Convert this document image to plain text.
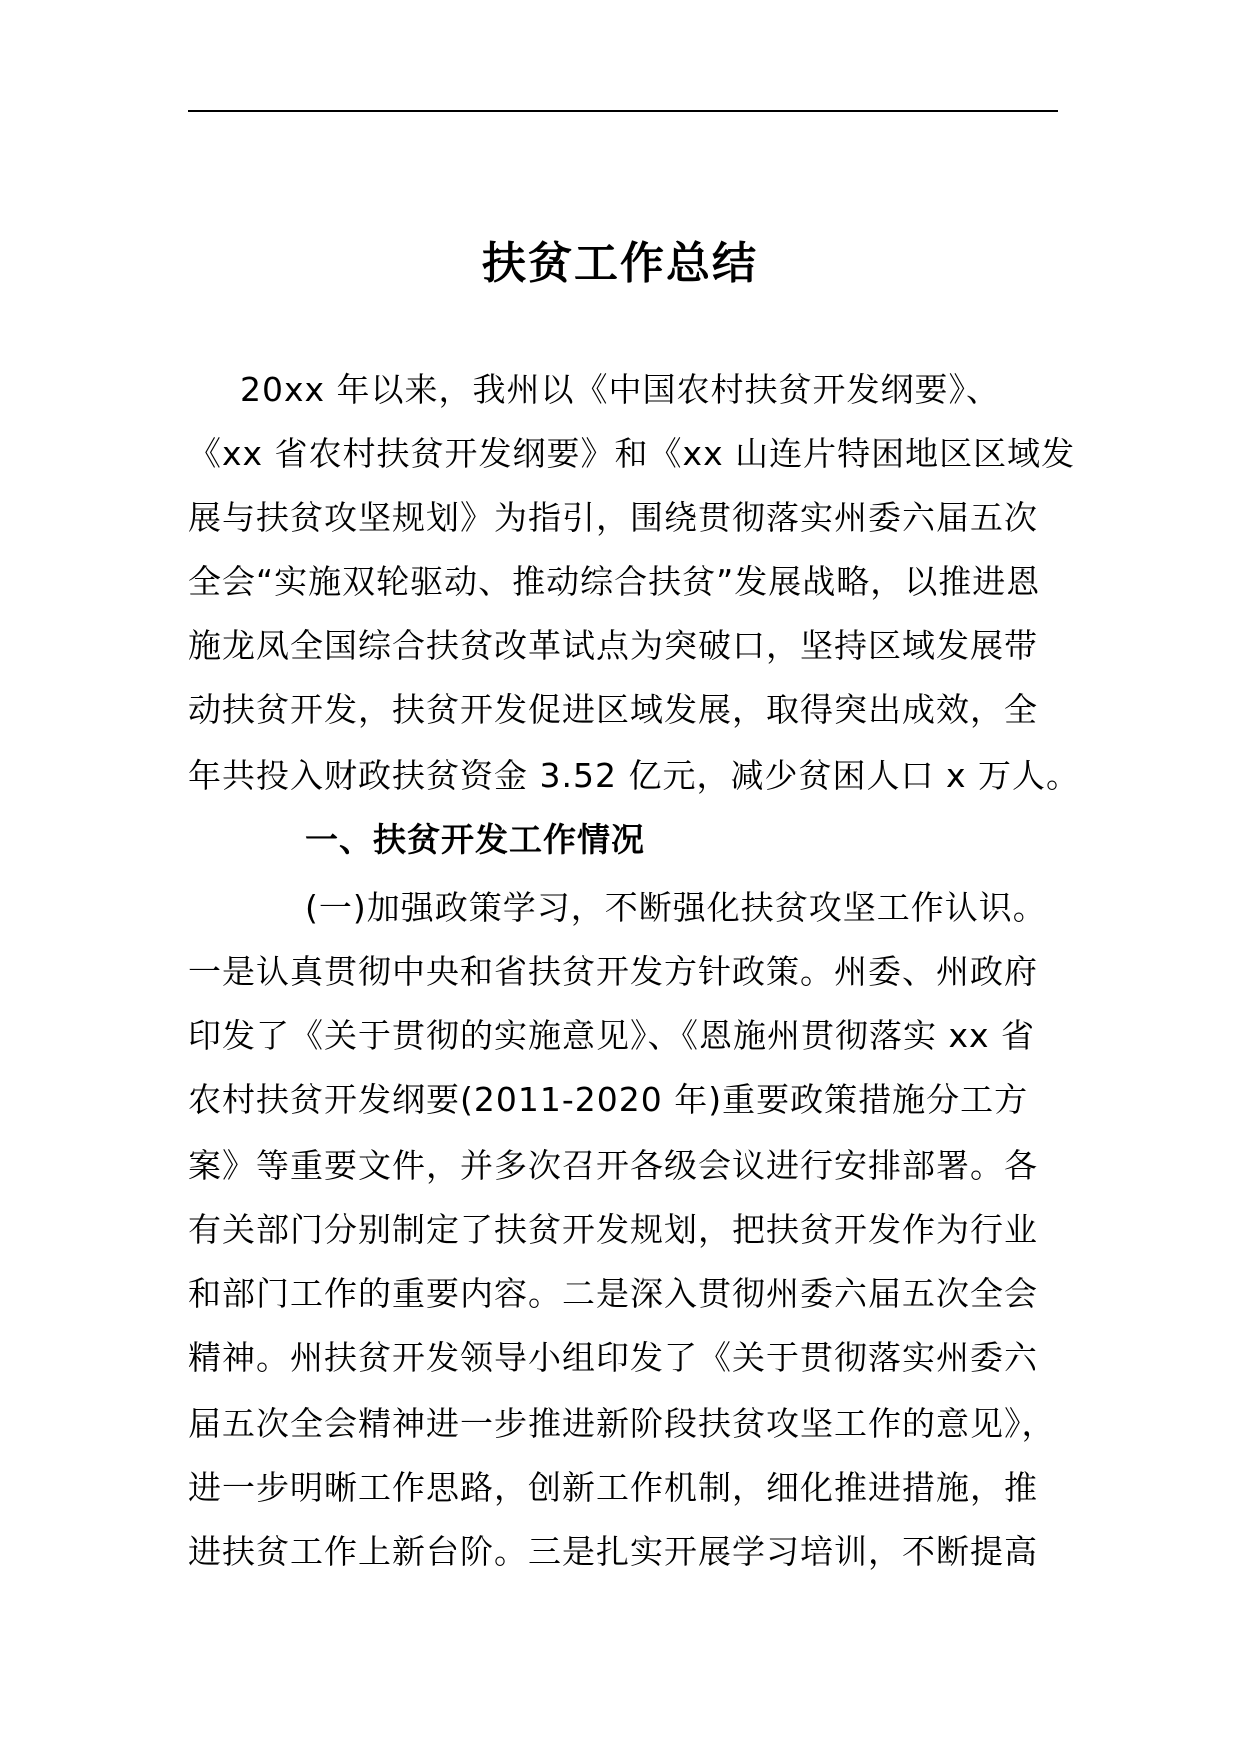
扶贫工作总结
20xx 年以来，我州以《中国农村扶贫开发纲要》、
《xx 省农村扶贫开发纲要》和《xx 山连片特困地区区域发
展与扶贫攻坚规划》为指引，围绕贯彻落实州委六届五次
全会“实施双轮驱动、推动综合扶贫”发展战略，以推进恩
施龙凤全国综合扶贫改革试点为突破口，坚持区域发展带
动扶贫开发，扶贫开发促进区域发展，取得突出成效，全
年共投入财政扶贫资金 3.52 亿元，减少贫困人口 x 万人。
一、扶贫开发工作情况
(一)加强政策学习，不断强化扶贫攻坚工作认识。
一是认真贯彻中央和省扶贫开发方针政策。州委、州政府
印发了《关于贯彻的实施意见》、《恩施州贯彻落实 xx 省
农村扶贫开发纲要(2011-2020 年)重要政策措施分工方
案》等重要文件，并多次召开各级会议进行安排部署。各
有关部门分别制定了扶贫开发规划，把扶贫开发作为行业
和部门工作的重要内容。二是深入贯彻州委六届五次全会
精神。州扶贫开发领导小组印发了《关于贯彻落实州委六
届五次全会精神进一步推进新阶段扶贫攻坚工作的意见》，
进一步明晰工作思路，创新工作机制，细化推进措施，推
进扶贫工作上新台阶。三是扎实开展学习培训，不断提高
